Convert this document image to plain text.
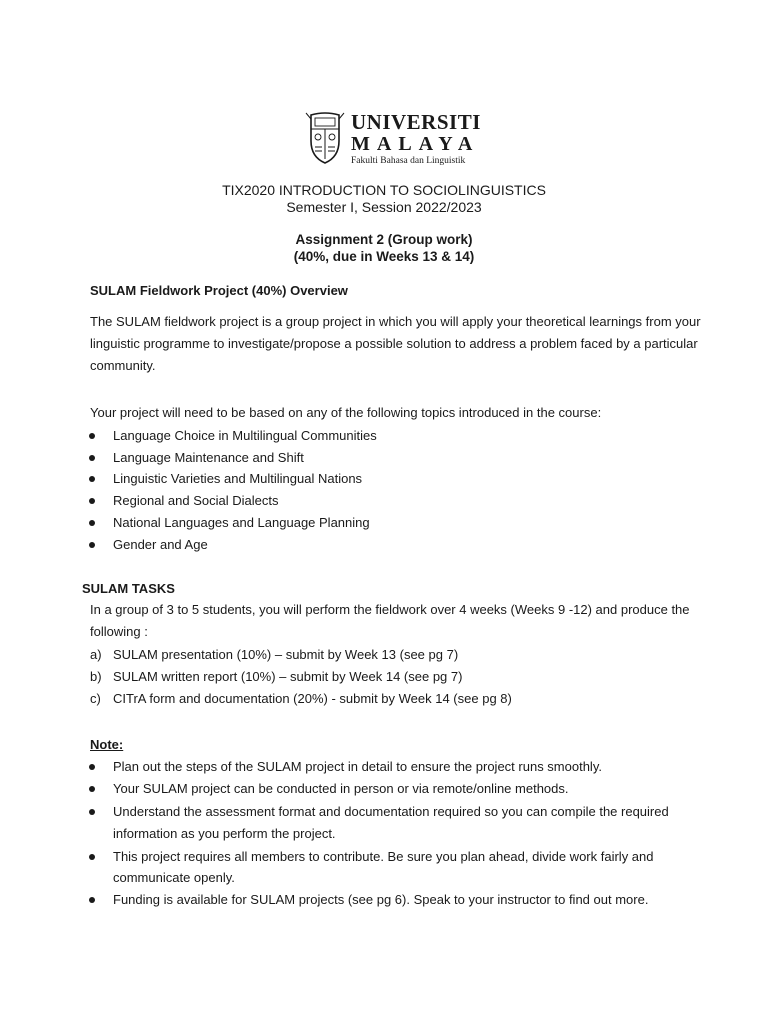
UNIVERSITI
MALAYA
Fakulti Bahasa dan Linguistik
TIX2020 INTRODUCTION TO SOCIOLINGUISTICS
Semester I, Session 2022/2023
Assignment 2 (Group work)
(40%, due in Weeks 13 & 14)
SULAM Fieldwork Project (40%) Overview
The SULAM fieldwork project is a group project in which you will apply your theoretical learnings from your
linguistic programme to investigate/propose a possible solution to address a problem faced by a particular
community.
Your project will need to be based on any of the following topics introduced in the course:
Language Choice in Multilingual Communities
Language Maintenance and Shift
Linguistic Varieties and Multilingual Nations
Regional and Social Dialects
National Languages and Language Planning
Gender and Age
SULAM TASKS
In a group of 3 to 5 students, you will perform the fieldwork over 4 weeks (Weeks 9 -12) and produce the
following :
a) SULAM presentation (10%) – submit by Week 13 (see pg 7)
b) SULAM written report (10%) – submit by Week 14 (see pg 7)
c) CITrA form and documentation (20%) - submit by Week 14 (see pg 8)
Note:
Plan out the steps of the SULAM project in detail to ensure the project runs smoothly.
Your SULAM project can be conducted in person or via remote/online methods.
Understand the assessment format and documentation required so you can compile the required
information as you perform the project.
This project requires all members to contribute. Be sure you plan ahead, divide work fairly and
communicate openly.
Funding is available for SULAM projects (see pg 6). Speak to your instructor to find out more.
